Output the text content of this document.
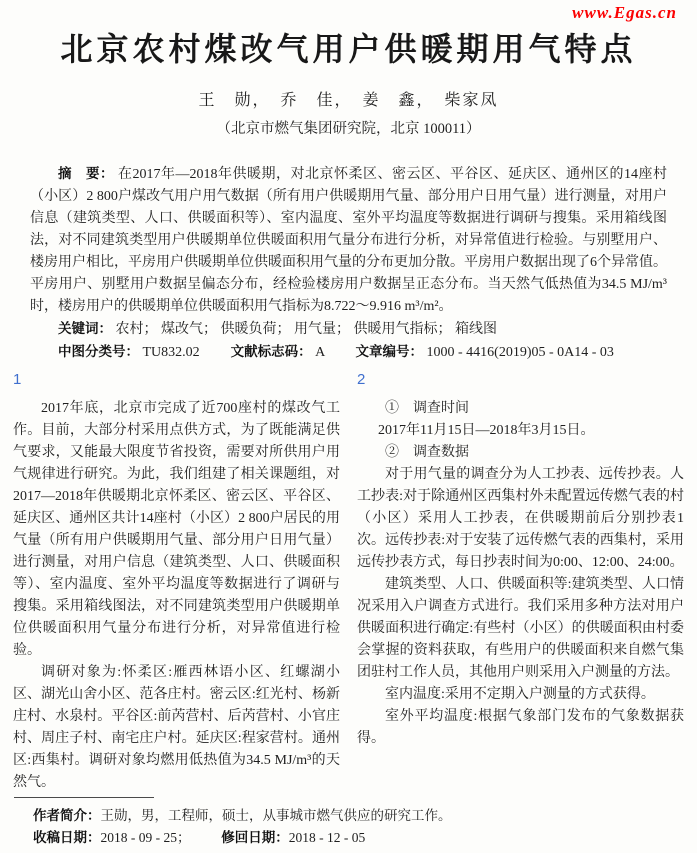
www.Egas.cn
北京农村煤改气用户供暖期用气特点
王　勋，　乔　佳，　姜　鑫，　柴家凤
（北京市燃气集团研究院，北京 100011）
摘　要： 在2017年—2018年供暖期，对北京怀柔区、密云区、平谷区、延庆区、通州区的14座村（小区）2 800户煤改气用户用气数据（所有用户供暖期用气量、部分用户日用气量）进行测量，对用户信息（建筑类型、人口、供暖面积等）、室内温度、室外平均温度等数据进行调研与搜集。采用箱线图法，对不同建筑类型用户供暖期单位供暖面积用气量分布进行分析，对异常值进行检验。与别墅用户、楼房用户相比，平房用户供暖期单位供暖面积用气量的分布更加分散。平房用户数据出现了6个异常值。平房用户、别墅用户数据呈偏态分布，经检验楼房用户数据呈正态分布。当天然气低热值为34.5 MJ/m³时，楼房用户的供暖期单位供暖面积用气指标为8.722～9.916 m³/m²。
关键词： 农村； 煤改气； 供暖负荷； 用气量； 供暖用气指标； 箱线图
中图分类号： TU832.02 文献标志码： A 文章编号： 1000 - 4416(2019)05 - 0A14 - 03
1

2017年底，北京市完成了近700座村的煤改气工作。目前，大部分村采用点供方式，为了既能满足供气要求，又能最大限度节省投资，需要对所供用户用气规律进行研究。为此，我们组建了相关课题组，对2017—2018年供暖期北京怀柔区、密云区、平谷区、延庆区、通州区共计14座村（小区）2 800户居民的用气量（所有用户供暖期用气量、部分用户日用气量）进行测量，对用户信息（建筑类型、人口、供暖面积等）、室内温度、室外平均温度等数据进行了调研与搜集。采用箱线图法，对不同建筑类型用户供暖期单位供暖面积用气量分布进行分析，对异常值进行检验。

调研对象为:怀柔区:雁西林语小区、红螺湖小区、湖光山舍小区、范各庄村。密云区:红光村、杨新庄村、水泉村。平谷区:前芮营村、后芮营村、小官庄村、周庄子村、南宅庄户村。延庆区:程家营村。通州区:西集村。调研对象均燃用低热值为34.5 MJ/m³的天然气。

2

①　调查时间

2017年11月15日—2018年3月15日。

②　调查数据

对于用气量的调查分为人工抄表、远传抄表。人工抄表:对于除通州区西集村外未配置远传燃气表的村（小区）采用人工抄表，在供暖期前后分别抄表1次。远传抄表:对于安装了远传燃气表的西集村，采用远传抄表方式，每日抄表时间为0:00、12:00、24:00。

建筑类型、人口、供暖面积等:建筑类型、人口情况采用入户调查方式进行。我们采用多种方法对用户供暖面积进行确定:有些村（小区）的供暖面积由村委会掌握的资料获取，有些用户的供暖面积来自燃气集团驻村工作人员，其他用户则采用入户测量的方法。

室内温度:采用不定期入户测量的方式获得。

室外平均温度:根据气象部门发布的气象数据获得。

作者简介：王勋，男，工程师，硕士，从事城市燃气供应的研究工作。
收稿日期：2018 - 09 - 25； 修回日期：2018 - 12 - 05
